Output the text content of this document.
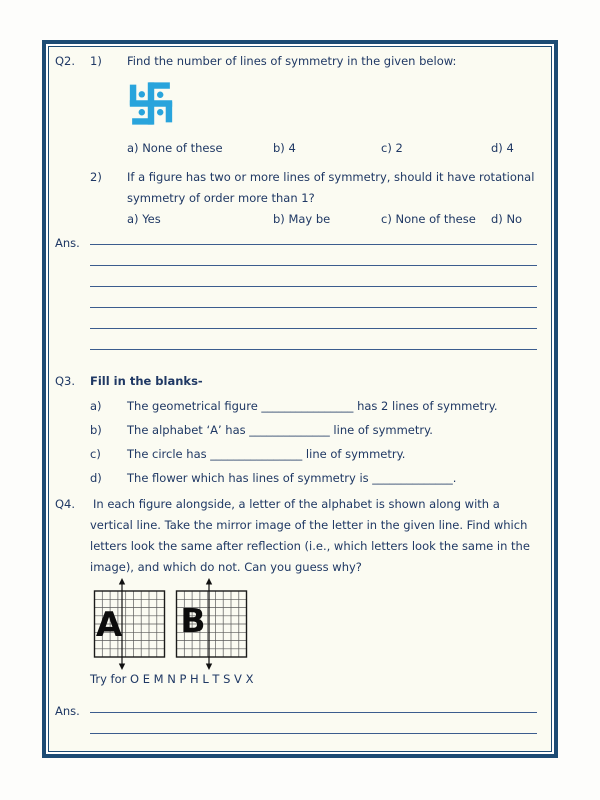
Q2.	1)	Find the number of lines of symmetry in the given below:
a) None of these	b) 4	c) 2	d) 4
2)	If a figure has two or more lines of symmetry, should it have rotational symmetry of order more than 1?
a) Yes	b) May be	c) None of these d) No
Ans.
Q3.	Fill in the blanks-
a)	The geometrical figure ________________ has 2 lines of symmetry.
b)	The alphabet ‘A’ has ______________ line of symmetry.
c)	The circle has ________________ line of symmetry.
d)	The flower which has lines of symmetry is ______________.
Q4.	In each figure alongside, a letter of the alphabet is shown along with a vertical line. Take the mirror image of the letter in the given line. Find which letters look the same after reflection (i.e., which letters look the same in the image), and which do not. Can you guess why?
A B
Try for O E M N P H L T S V X
Ans.
